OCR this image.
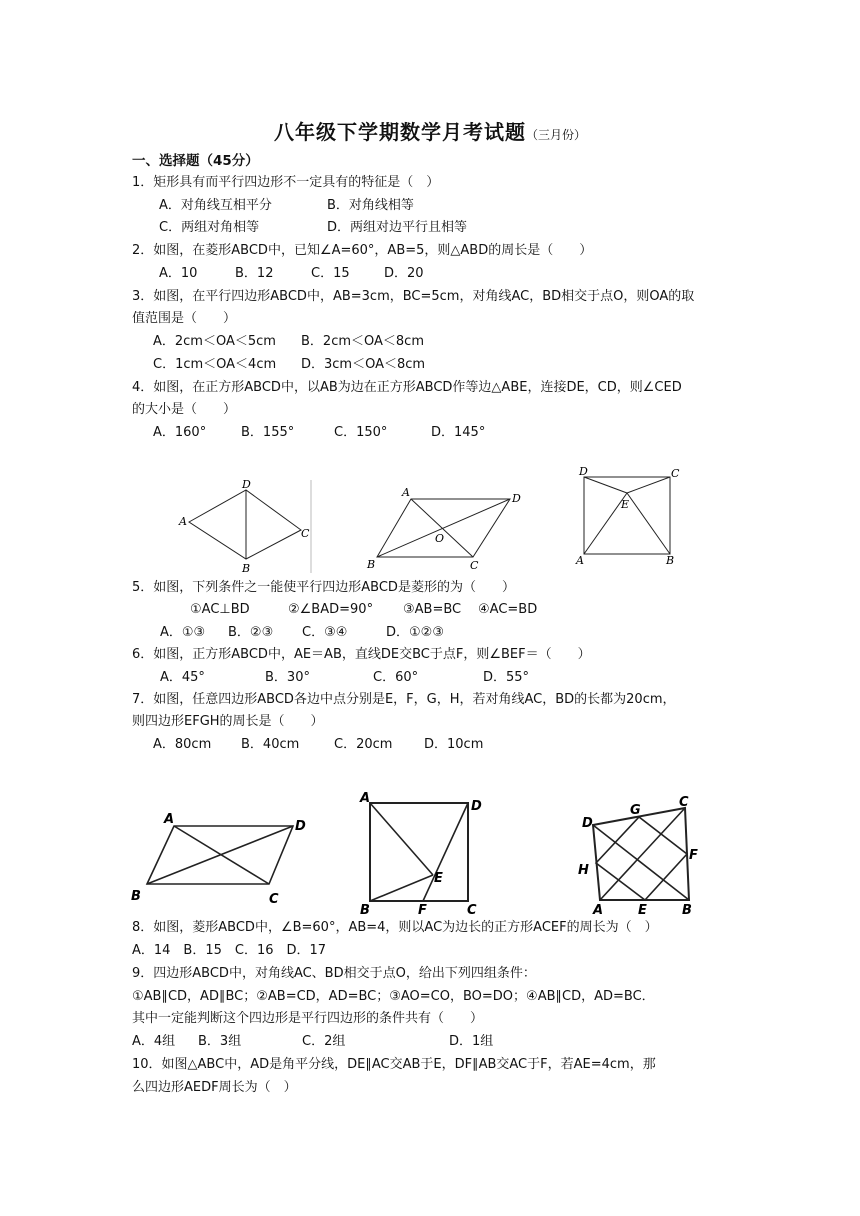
八年级下学期数学月考试题（三月份）
一、选择题（45分）
1．矩形具有而平行四边形不一定具有的特征是（　）
A．对角线互相平分	B．对角线相等
C．两组对角相等	D．两组对边平行且相等
2．如图，在菱形ABCD中，已知∠A=60°，AB=5，则△ABD的周长是（　　）
A．10	B．12	C．15	D．20
3．如图，在平行四边形ABCD中，AB=3cm，BC=5cm，对角线AC，BD相交于点O，则OA的取
值范围是（　　）
A．2cm＜OA＜5cm B．2cm＜OA＜8cm
C．1cm＜OA＜4cm D．3cm＜OA＜8cm
4．如图，在正方形ABCD中，以AB为边在正方形ABCD作等边△ABE，连接DE，CD，则∠CED
的大小是（　　）
A．160°	B．155°	C．150°	D．145°
A
B
C
D
A
B	C
D
O
A	B
C
D
E
5．如图，下列条件之一能使平行四边形ABCD是菱形的为（　　）
①AC⊥BD	②∠BAD=90° ③AB=BC ④AC=BD
A．①③ B．②③ C．③④	D．①②③
6．如图，正方形ABCD中，AE＝AB，直线DE交BC于点F，则∠BEF＝（　　）
A．45°	B．30°	C．60°	D．55°
7．如图，任意四边形ABCD各边中点分别是E，F，G，H，若对角线AC，BD的长都为20cm，
则四边形EFGH的周长是（　　）
A．80cm B．40cm	C．20cm D．10cm
A
B	C
D
A
B	C
D
E
F
D
G
C
F
H
A	E	B
8．如图，菱形ABCD中，∠B=60°，AB=4，则以AC为边长的正方形ACEF的周长为（　）
A．14　B．15　C．16　D．17
9．四边形ABCD中，对角线AC、BD相交于点O，给出下列四组条件：
①AB∥CD，AD∥BC；②AB=CD，AD=BC；③AO=CO，BO=DO；④AB∥CD，AD=BC．
其中一定能判断这个四边形是平行四边形的条件共有（　　）
A．4组 B．3组	C．2组	D．1组
10．如图△ABC中，AD是角平分线，DE∥AC交AB于E，DF∥AB交AC于F，若AE=4cm，那
么四边形AEDF周长为（　）
